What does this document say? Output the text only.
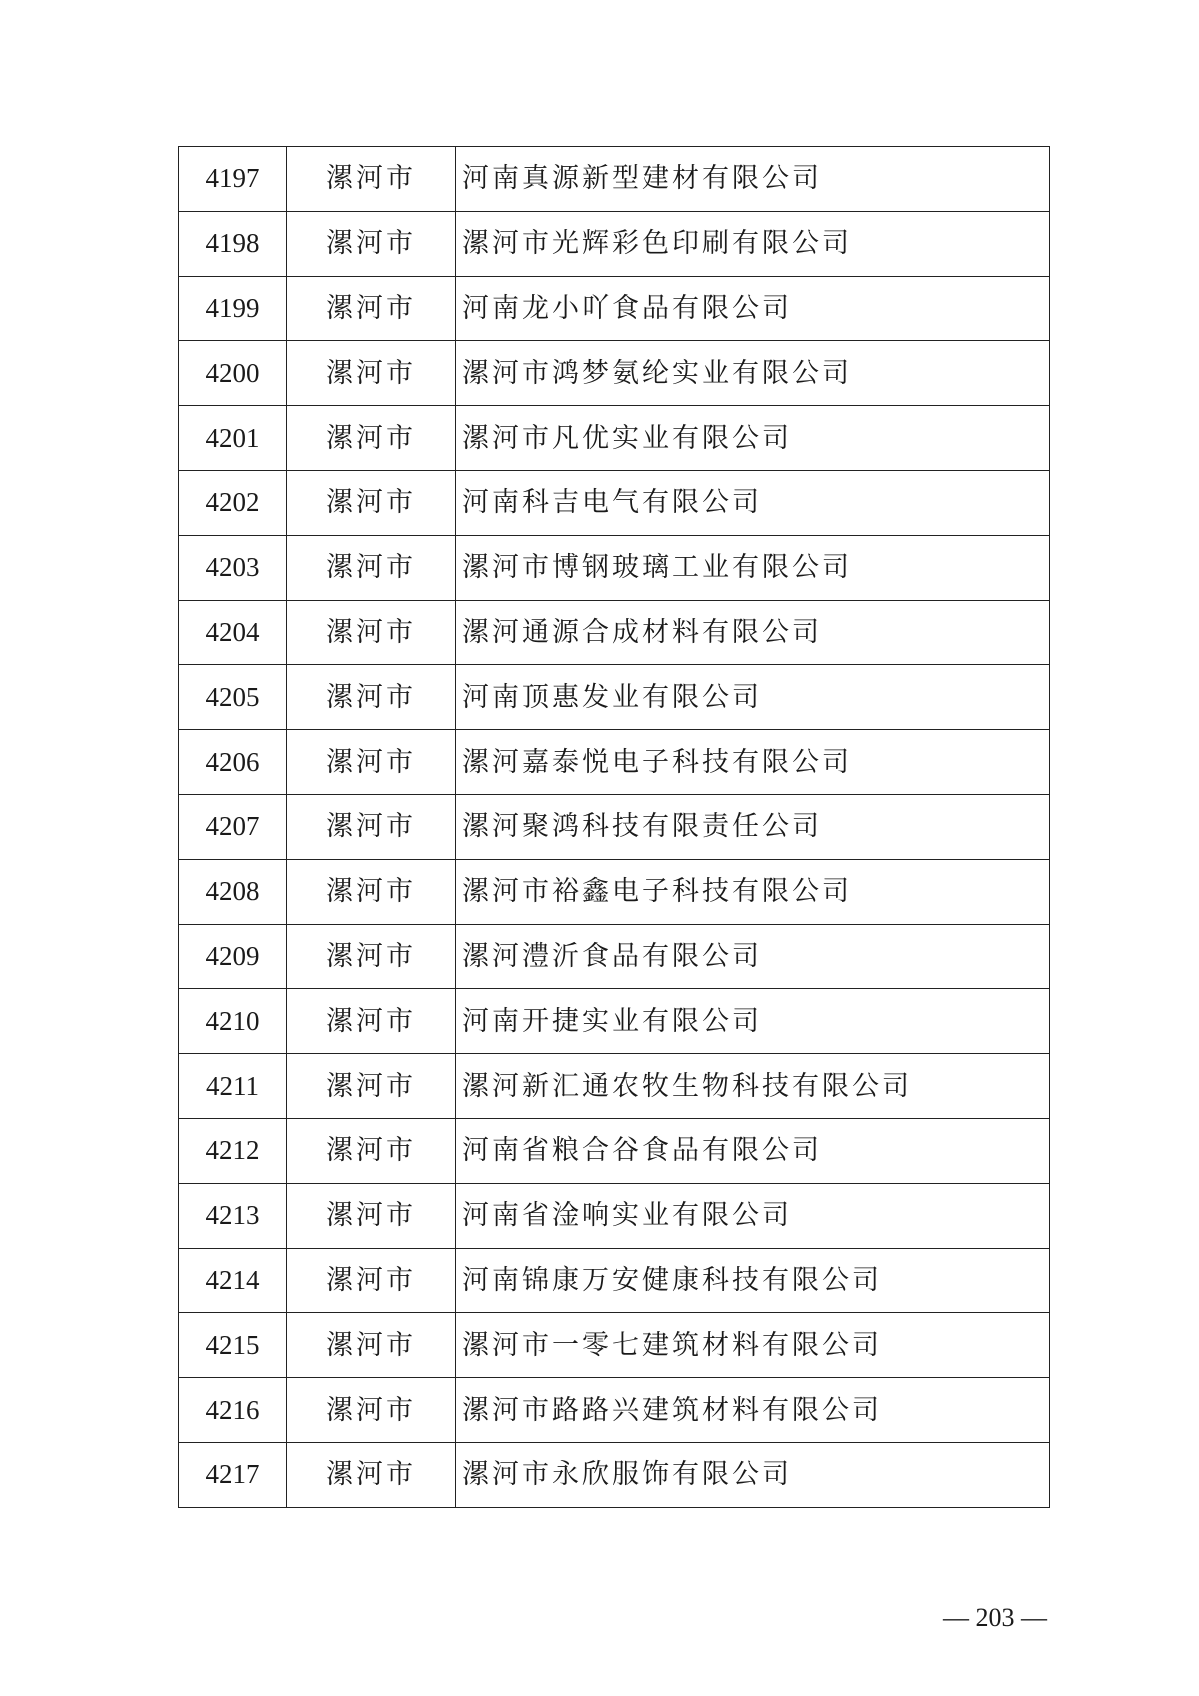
4197	漯河市	河南真源新型建材有限公司
4198	漯河市	漯河市光辉彩色印刷有限公司
4199	漯河市	河南龙小吖食品有限公司
4200	漯河市	漯河市鸿梦氨纶实业有限公司
4201	漯河市	漯河市凡优实业有限公司
4202	漯河市	河南科吉电气有限公司
4203	漯河市	漯河市博钢玻璃工业有限公司
4204	漯河市	漯河通源合成材料有限公司
4205	漯河市	河南顶惠发业有限公司
4206	漯河市	漯河嘉泰悦电子科技有限公司
4207	漯河市	漯河聚鸿科技有限责任公司
4208	漯河市	漯河市裕鑫电子科技有限公司
4209	漯河市	漯河澧沂食品有限公司
4210	漯河市	河南开捷实业有限公司
4211	漯河市	漯河新汇通农牧生物科技有限公司
4212	漯河市	河南省粮合谷食品有限公司
4213	漯河市	河南省淦响实业有限公司
4214	漯河市	河南锦康万安健康科技有限公司
4215	漯河市	漯河市一零七建筑材料有限公司
4216	漯河市	漯河市路路兴建筑材料有限公司
4217	漯河市	漯河市永欣服饰有限公司
— 203 —
